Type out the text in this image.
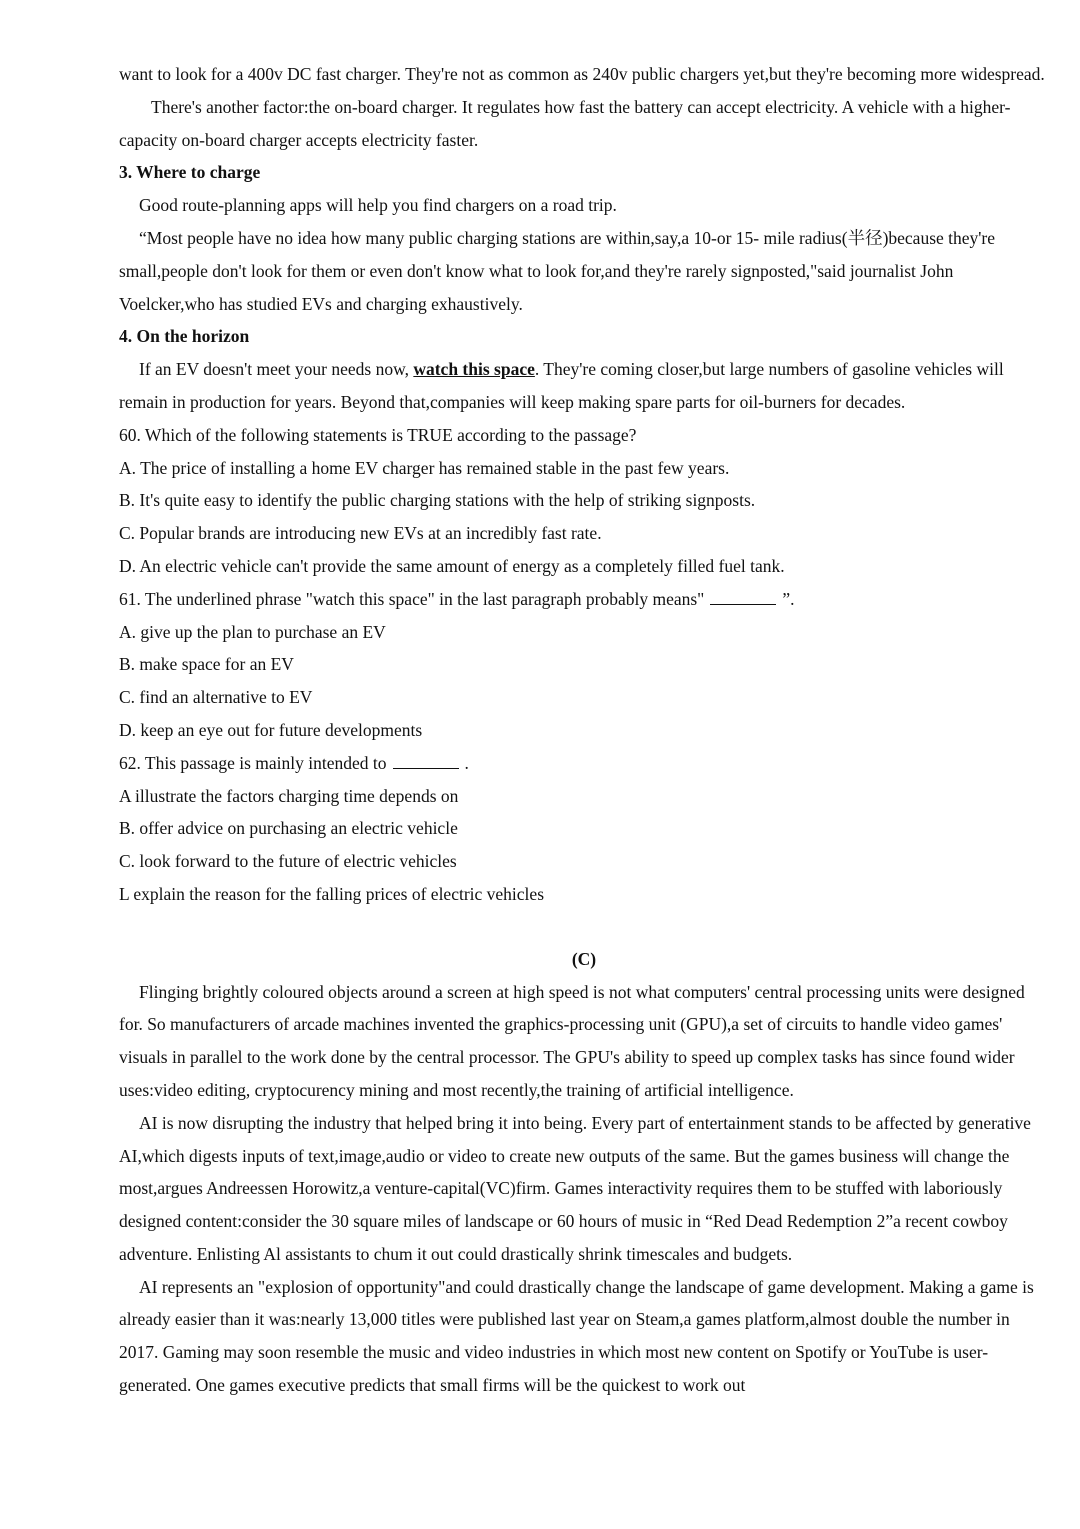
want to look for a 400v DC fast charger. They're not as common as 240v public chargers yet,but they're becoming more widespread.

There's another factor:the on-board charger. It regulates how fast the battery can accept electricity. A vehicle with a higher-capacity on-board charger accepts electricity faster.

3. Where to charge

Good route-planning apps will help you find chargers on a road trip.

“Most people have no idea how many public charging stations are within,say,a 10-or 15- mile radius(半径)because they're small,people don't look for them or even don't know what to look for,and they're rarely signposted,"said journalist John Voelcker,who has studied EVs and charging exhaustively.

4. On the horizon

If an EV doesn't meet your needs now, watch this space. They're coming closer,but large numbers of gasoline vehicles will remain in production for years. Beyond that,companies will keep making spare parts for oil-burners for decades.

60. Which of the following statements is TRUE according to the passage?
A. The price of installing a home EV charger has remained stable in the past few years.
B. It's quite easy to identify the public charging stations with the help of striking signposts.
C. Popular brands are introducing new EVs at an incredibly fast rate.
D. An electric vehicle can't provide the same amount of energy as a completely filled fuel tank.
61. The underlined phrase "watch this space" in the last paragraph probably means"	”.
A. give up the plan to purchase an EV
B. make space for an EV
C. find an alternative to EV
D. keep an eye out for future developments
62. This passage is mainly intended to	.
A illustrate the factors charging time depends on
B. offer advice on purchasing an electric vehicle
C. look forward to the future of electric vehicles
L explain the reason for the falling prices of electric vehicles
(C)

Flinging brightly coloured objects around a screen at high speed is not what computers' central processing units were designed for. So manufacturers of arcade machines invented the graphics-processing unit (GPU),a set of circuits to handle video games' visuals in parallel to the work done by the central processor. The GPU's ability to speed up complex tasks has since found wider uses:video editing, cryptocurency mining and most recently,the training of artificial intelligence.

AI is now disrupting the industry that helped bring it into being. Every part of entertainment stands to be affected by generative AI,which digests inputs of text,image,audio or video to create new outputs of the same. But the games business will change the most,argues Andreessen Horowitz,a venture-capital(VC)firm. Games interactivity requires them to be stuffed with laboriously designed content:consider the 30 square miles of landscape or 60 hours of music in “Red Dead Redemption 2”a recent cowboy adventure. Enlisting Al assistants to chum it out could drastically shrink timescales and budgets.

AI represents an "explosion of opportunity"and could drastically change the landscape of game development. Making a game is already easier than it was:nearly 13,000 titles were published last year on Steam,a games platform,almost double the number in 2017. Gaming may soon resemble the music and video industries in which most new content on Spotify or YouTube is user-generated. One games executive predicts that small firms will be the quickest to work out
